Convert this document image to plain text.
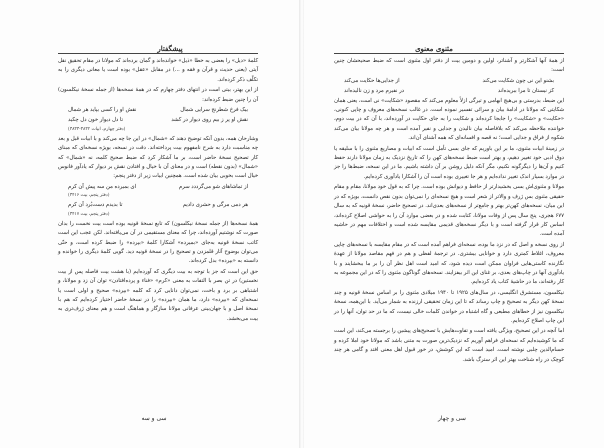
پیشگفتار

کلمهٔ «دیل» را بعضی به خطا «ذیل» خوانده‌اند و گمان برده‌اند که مولانا در مقام تحقیق نقل آیتی (یعنی حدیث و قرآن و فقه و ...) در مقابل «عقل» بوده است یا معانی دیگری را به تکلّف ذکر کرده‌اند.

از این بهتر، بیتی است در انتهای دفتر چهارم که در همهٔ نسخه‌ها (از جمله نسخهٔ نیکلسون) آن را چنین ضبط کرده‌اند:

بیک فرخ شطرنج سرایی شمال
نقش او را کسی بپاید هر شمال
نقش او پر ز بیم روی دیوار در کشد
تا دل دیوار خون دل چکید
(دفتر چهارم، ابیات ۳۸۳۲-۳۸۳۳)

وشارحان همه، بدون آنکه توضیح دهند که «شمال» در این جا چه می‌کند و با ابیات قبل و بعد چه مناسبت دارد به شرح نامفهوم بیت پرداخته‌اند. دقت در نسخه، بویژه نسخه‌ای که مبنای کار تصحیح نسخهٔ حاضر است، بر ما آشکار کرد که ضبط صحیح کلمه، نه «شمال» که «شمال» (بدون نقطه) است و در معنای آن با خیال و افتادن نقش بر دیوار که یادآور فانوس خیال است بخوبی بیان شده است. همچنین ابیات زیر از دفتر پنجم:

از تماشاهای شو می‌گرددد سرم
ای بمیرده من سه پیش آن کرم
(دفتر پنجم، بیت ۳۴۱۶)
هر دمی مرگی و حشری دادیم
تا بدیدم دست‌بُرد آن کرم
(دفتر پنجم، بیت ۳۴۱۷)

همهٔ نسخه‌ها (از جمله نسخهٔ نیکلسون) که تابع نسخهٔ قونیه بوده است بیت نخست را بدان صورت که نوشتیم آورده‌اند، چرا که معنای مستقیمی در آن می‌یافته‌اند. لکن عجب این است کاتب نسخهٔ قونیه به‌جای «بمیرده» آشکارا کلمهٔ «بپرده» را ضبط کرده است، و حتّی می‌توان بوضوح آثار قلمزدن و تصحیح را در نسخهٔ قونیه دید. گویی کلمهٔ دیگری را خوانده و دانسته به «بپرده» بدل کرده‌اند.

حق این است که جز با توجه به بیت دیگری که آورده‌ایم (با هشت بیت فاصله پس از بیت نخستین) در تن بصر با التفات به معنی «کرم» «فناء و پرده‌افتادن» توان آن زد و مولانا، و اشتباهی بر برد و باخت، نمی‌توان دانایی کرد که کلمه «بپرده» صحیح و اولی است یا نسخه‌ای که «بپرده» دارد، ما همان «بپرده» را در نسخهٔ حاضر اختیار کرده‌ایم که هم با نسخهٔ اصل و با جهان‌بینی عرفانی مولانا سازگار و هماهنگ است و هم معنای ژرف‌تری به بیت می‌بخشد.

سی و سه
مثنوی معنوی

از همهٔ آنها آشکارتر و آشناتر، اولین و دومین بیت از دفتر اول مثنوی است که ضبط صحیحشان چنین است:

بشنو این نی چون شکایت می‌کند
از جدایی‌ها حکایت می‌کند
کز نیستان تا مرا ببریده‌اند
در نفیرم مرد و زن نالیده‌اند

این ضبط، بدرستی و بی‌هیچ ابهامی و تیرگی ازلاً معلوم می‌کند که مقصود «شکایت» نی است، یعنی همان شکایتی که مولانا در ادامهٔ بیان و سرائی تفسیر نموده است. در غالب نسخه‌های معروف و چاپی کنونی، «حکایت» و «شکایت» را جابجا کرده‌اند و شکایت را به جای حکایت در آورده‌اند، با آن که در بیت دوم، خواننده ملاحظه می‌کند که بلافاصله بیان نالیدن و جدایی و نفیر آمده است و هر چه مولانا بیان می‌کند شکوه از فراق و جدایی است؛ نه قصه و افسانه‌ای که همه آشنای آن‌اند.

در زمینهٔ ابیات مثنوی، ما بر این باوریم که جای بسی تأمل است که ابیات و مصاریع مثنوی را با سلیقه یا دوق ادبی خود تغییر دهیم، و بهتر است ضبط نسخه‌های کهن را که تاریخ نزدیک به زمان مولانا دارند حفظ کنیم و آن‌ها را دیگرگونه نکنیم، مگر آنکه دلیل روشن بر آن داشته باشیم. ما در این نسخه، ضبط‌ها را جز در موارد بسیار اندک تغییر نداده‌ایم و هر جا تغییری بوده است آن را آشکارا یادآوری کرده‌ایم.

مولانا و مثنوی‌اش بسی بخشیدارتر از حافظ و دیوانش بوده است. چرا که به قول خود مولانا، مقام و مقام حقیقی مثنوی بس ژرف و والاتر از شعر است و هیچ نسخه‌ای را نمی‌توان بدون نقص دانست، بویژه که در این میان، نسخه‌های کهن‌تر بهتر و جامع‌تر از نسخه‌های بعدی‌اند. در تصحیح حاضر، نسخهٔ قونیه که به سال ۶۷۷ هجری، پنج سال پس از وفات مولانا، کتابت شده و در بعضی موارد آن را به حواشی اصلاح کرده‌اند، اساس کار قرار گرفته است و با دیگر نسخه‌های قدیمی مقایسه شده است و اختلافات مهم در حاشیه آمده است.

از روی نسخه و اصل که در نزد ما بوده، نسخه‌ای فراهم آمده است که در مقام مقایسه با نسخه‌های چاپی معروف، اغلاط کمتری دارد و خوانایی بیشتری. در ترجمهٔ لفظی و هم در فهم مقاصد مولانا از عهدهٔ نگارنده کاستی‌هایی فراوان ممکن است دیده شود، که امید است اهل نظر آن را بر ما ببخشایند و با یادآوری آنها در چاپ‌های بعدی، بر غنای این اثر بیفزایند. نسخه‌های گوناگون مثنوی را که در این مجموعه به کار رفته‌اند، ما در حاشیهٔ کتاب یاد کرده‌ایم.

نیکلسون، مستشرق انگلیسی، در سال‌های ۱۹۲۵ تا ۱۹۴۰ میلادی مثنوی را بر اساس نسخهٔ قونیه و چند نسخهٔ کهن دیگر به تصحیح و چاپ رساند که تا این زمان تحقیقی ارزنده به شمار می‌آید. با این‌همه، نسخهٔ نیکلسون نیز از خطاهای مطبعی و گاه اشتباه در خواندن کلمات خالی نیست، که ما در حد توان، آنها را در این چاپ اصلاح کرده‌ایم.

اما آنچه در این تصحیح، ویژگی یافته است و تفاوت‌هایش با تصحیح‌های پیشین را برجسته می‌کند، این است که ما کوشیده‌ایم که نسخه‌ای فراهم آوریم که نزدیک‌ترین صورت به متنی باشد که مولانا خود املا کرده و حسام‌الدین چلبی نوشته است. امید است که این کوشش، در خور قبول اهل معنی افتد و گامی هر چند کوچک در راه شناخت بهتر این اثر سترگ باشد.

سی و چهار
